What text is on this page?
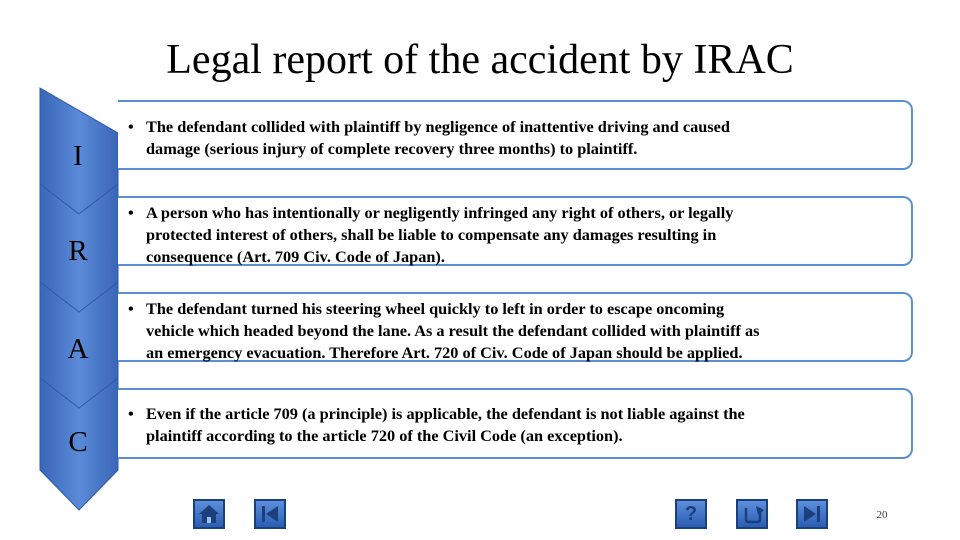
Legal report of the accident by IRAC
I
R
A
C
• The defendant collided with plaintiff by negligence of inattentive driving and caused
damage (serious injury of complete recovery three months) to plaintiff.
• A person who has intentionally or negligently infringed any right of others, or legally
protected interest of others, shall be liable to compensate any damages resulting in
consequence (Art. 709 Civ. Code of Japan).
• The defendant turned his steering wheel quickly to left in order to escape oncoming
vehicle which headed beyond the lane. As a result the defendant collided with plaintiff as
an emergency evacuation. Therefore Art. 720 of Civ. Code of Japan should be applied.
• Even if the article 709 (a principle) is applicable, the defendant is not liable against the
plaintiff according to the article 720 of the Civil Code (an exception).
?	20
